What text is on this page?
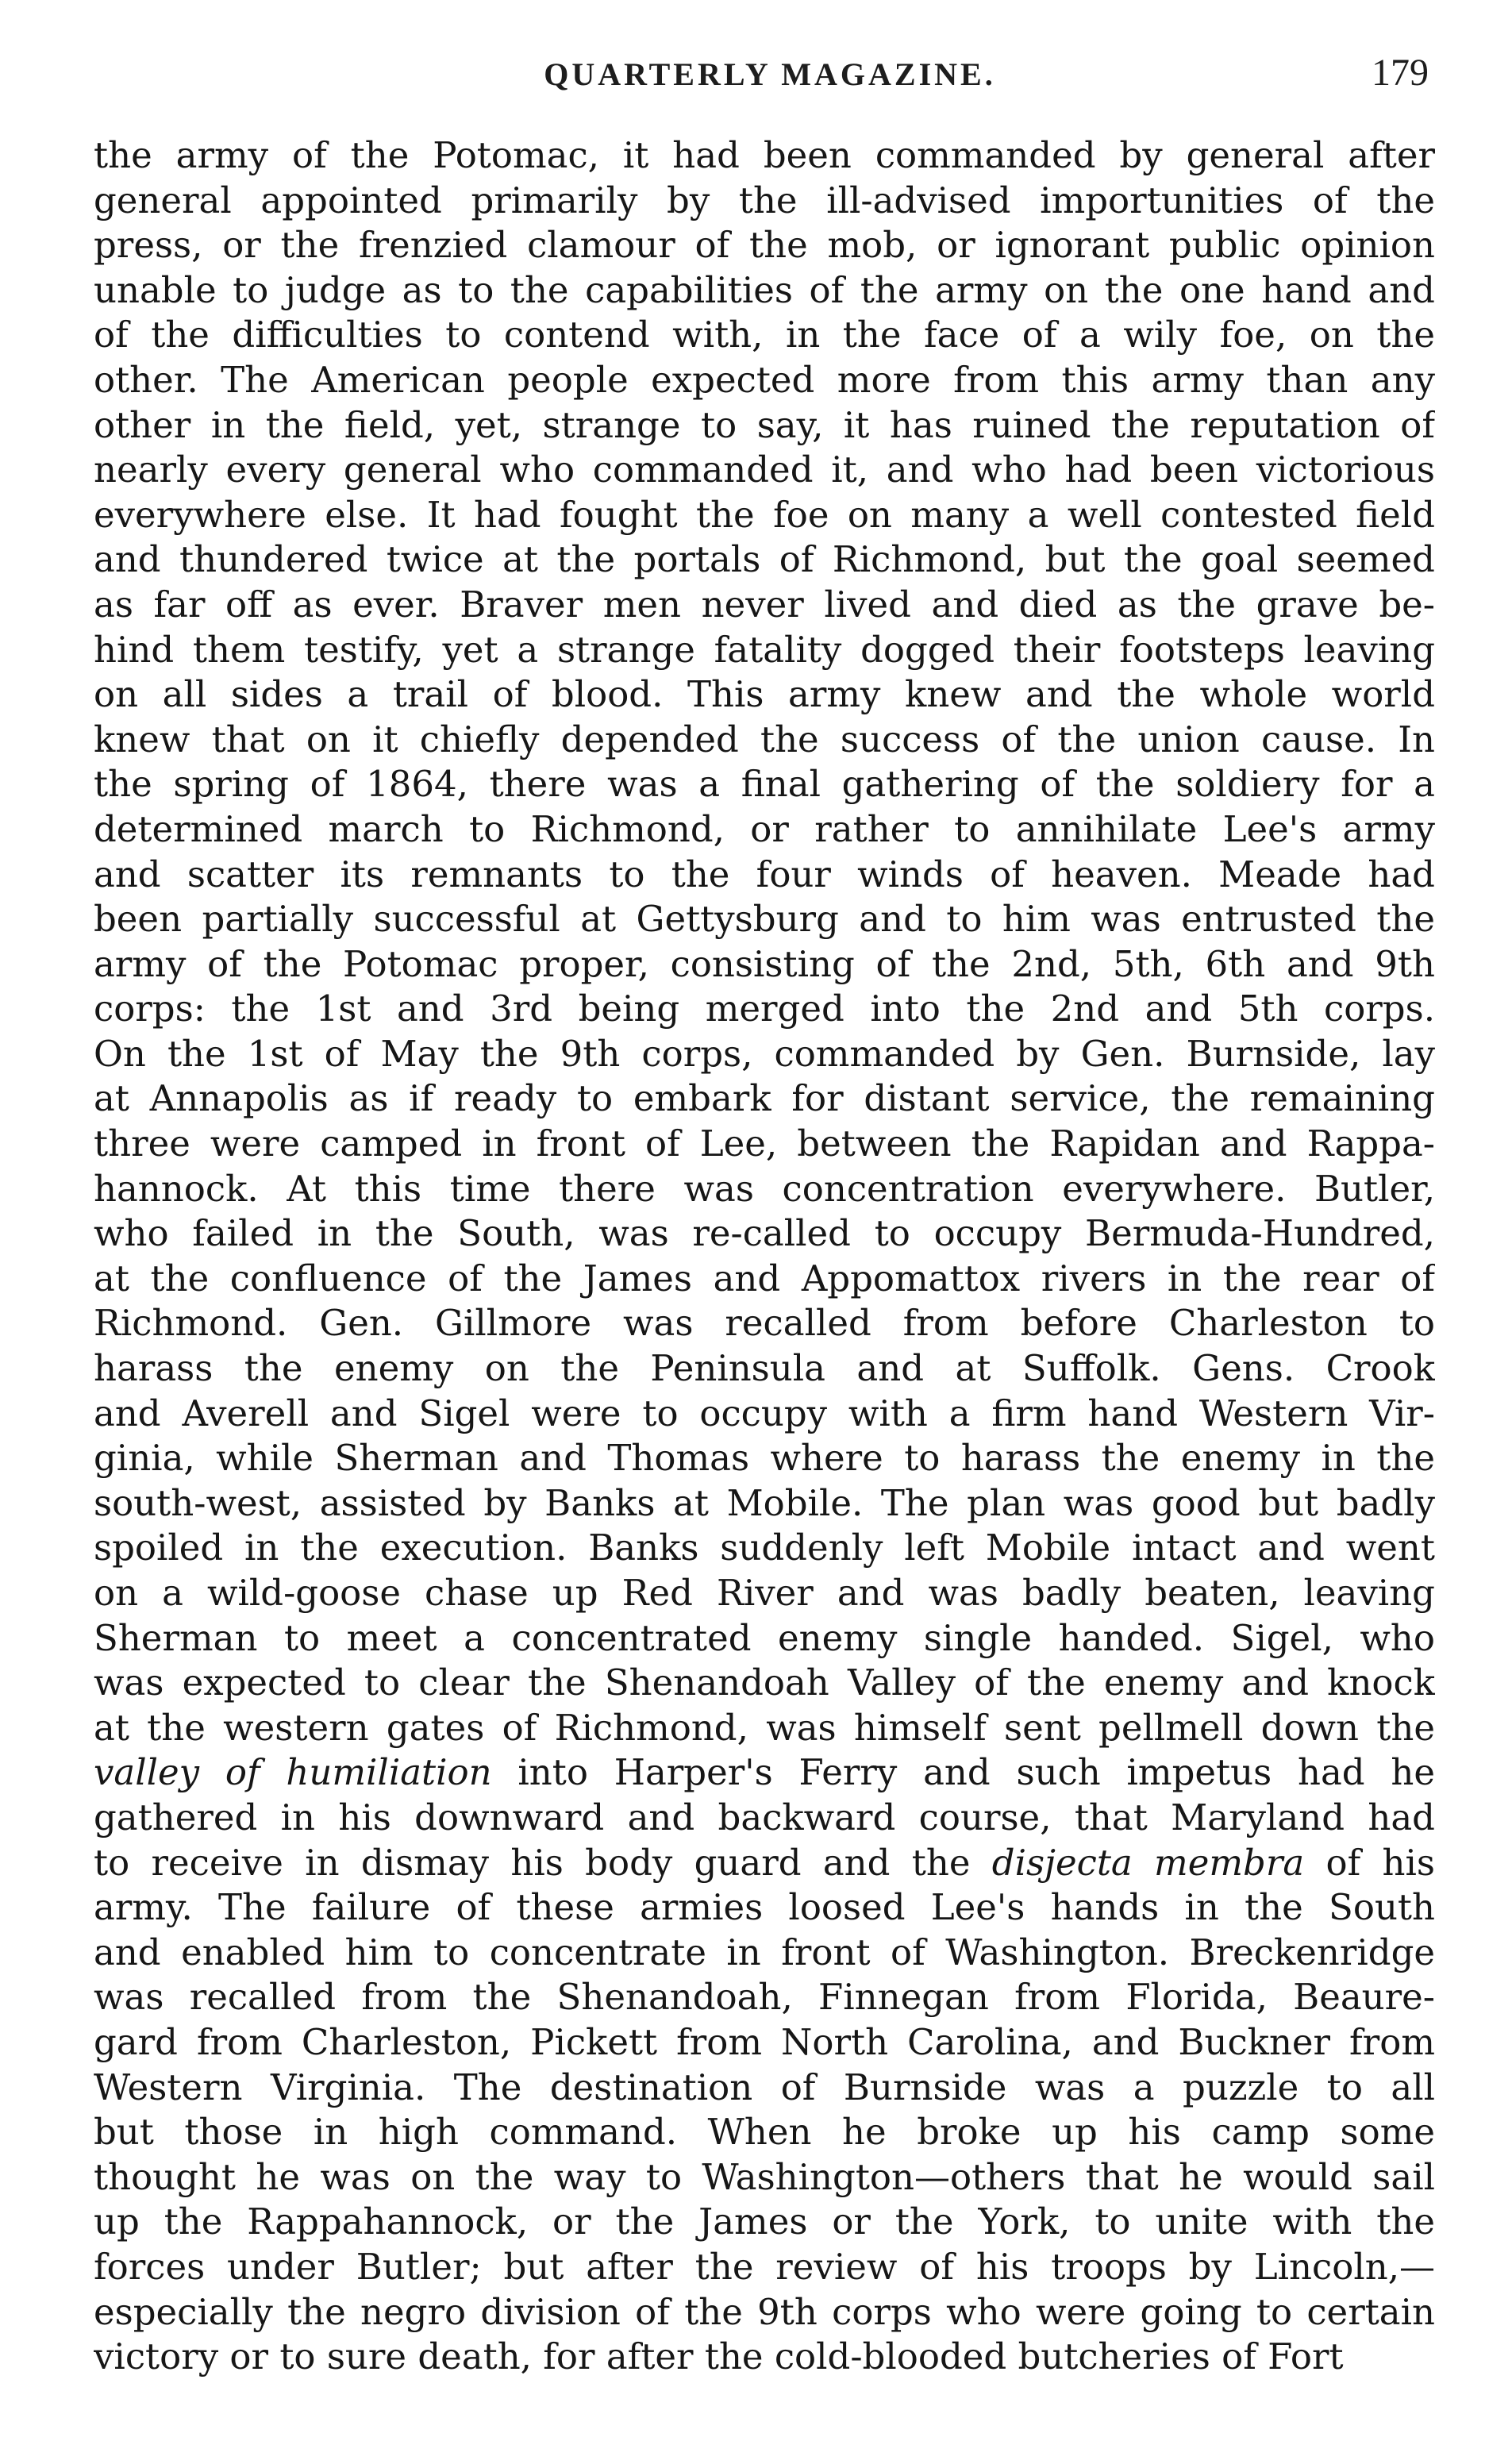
QUARTERLY MAGAZINE.	179
the army of the Potomac, it had been commanded by general after
general appointed primarily by the ill-advised importunities of the
press, or the frenzied clamour of the mob, or ignorant public opinion
unable to judge as to the capabilities of the army on the one hand and
of the difficulties to contend with, in the face of a wily foe, on the
other. The American people expected more from this army than any
other in the field, yet, strange to say, it has ruined the reputation of
nearly every general who commanded it, and who had been victorious
everywhere else. It had fought the foe on many a well contested field
and thundered twice at the portals of Richmond, but the goal seemed
as far off as ever. Braver men never lived and died as the grave be-
hind them testify, yet a strange fatality dogged their footsteps leaving
on all sides a trail of blood. This army knew and the whole world
knew that on it chiefly depended the success of the union cause. In
the spring of 1864, there was a final gathering of the soldiery for a
determined march to Richmond, or rather to annihilate Lee's army
and scatter its remnants to the four winds of heaven. Meade had
been partially successful at Gettysburg and to him was entrusted the
army of the Potomac proper, consisting of the 2nd, 5th, 6th and 9th
corps: the 1st and 3rd being merged into the 2nd and 5th corps.
On the 1st of May the 9th corps, commanded by Gen. Burnside, lay
at Annapolis as if ready to embark for distant service, the remaining
three were camped in front of Lee, between the Rapidan and Rappa-
hannock. At this time there was concentration everywhere. Butler,
who failed in the South, was re-called to occupy Bermuda-Hundred,
at the confluence of the James and Appomattox rivers in the rear of
Richmond. Gen. Gillmore was recalled from before Charleston to
harass the enemy on the Peninsula and at Suffolk. Gens. Crook
and Averell and Sigel were to occupy with a firm hand Western Vir-
ginia, while Sherman and Thomas where to harass the enemy in the
south-west, assisted by Banks at Mobile. The plan was good but badly
spoiled in the execution. Banks suddenly left Mobile intact and went
on a wild-goose chase up Red River and was badly beaten, leaving
Sherman to meet a concentrated enemy single handed. Sigel, who
was expected to clear the Shenandoah Valley of the enemy and knock
at the western gates of Richmond, was himself sent pellmell down the
valley of humiliation into Harper's Ferry and such impetus had he
gathered in his downward and backward course, that Maryland had
to receive in dismay his body guard and the disjecta membra of his
army. The failure of these armies loosed Lee's hands in the South
and enabled him to concentrate in front of Washington. Breckenridge
was recalled from the Shenandoah, Finnegan from Florida, Beaure-
gard from Charleston, Pickett from North Carolina, and Buckner from
Western Virginia. The destination of Burnside was a puzzle to all
but those in high command. When he broke up his camp some
thought he was on the way to Washington—others that he would sail
up the Rappahannock, or the James or the York, to unite with the
forces under Butler; but after the review of his troops by Lincoln,—
especially the negro division of the 9th corps who were going to certain
victory or to sure death, for after the cold-blooded butcheries of Fort
